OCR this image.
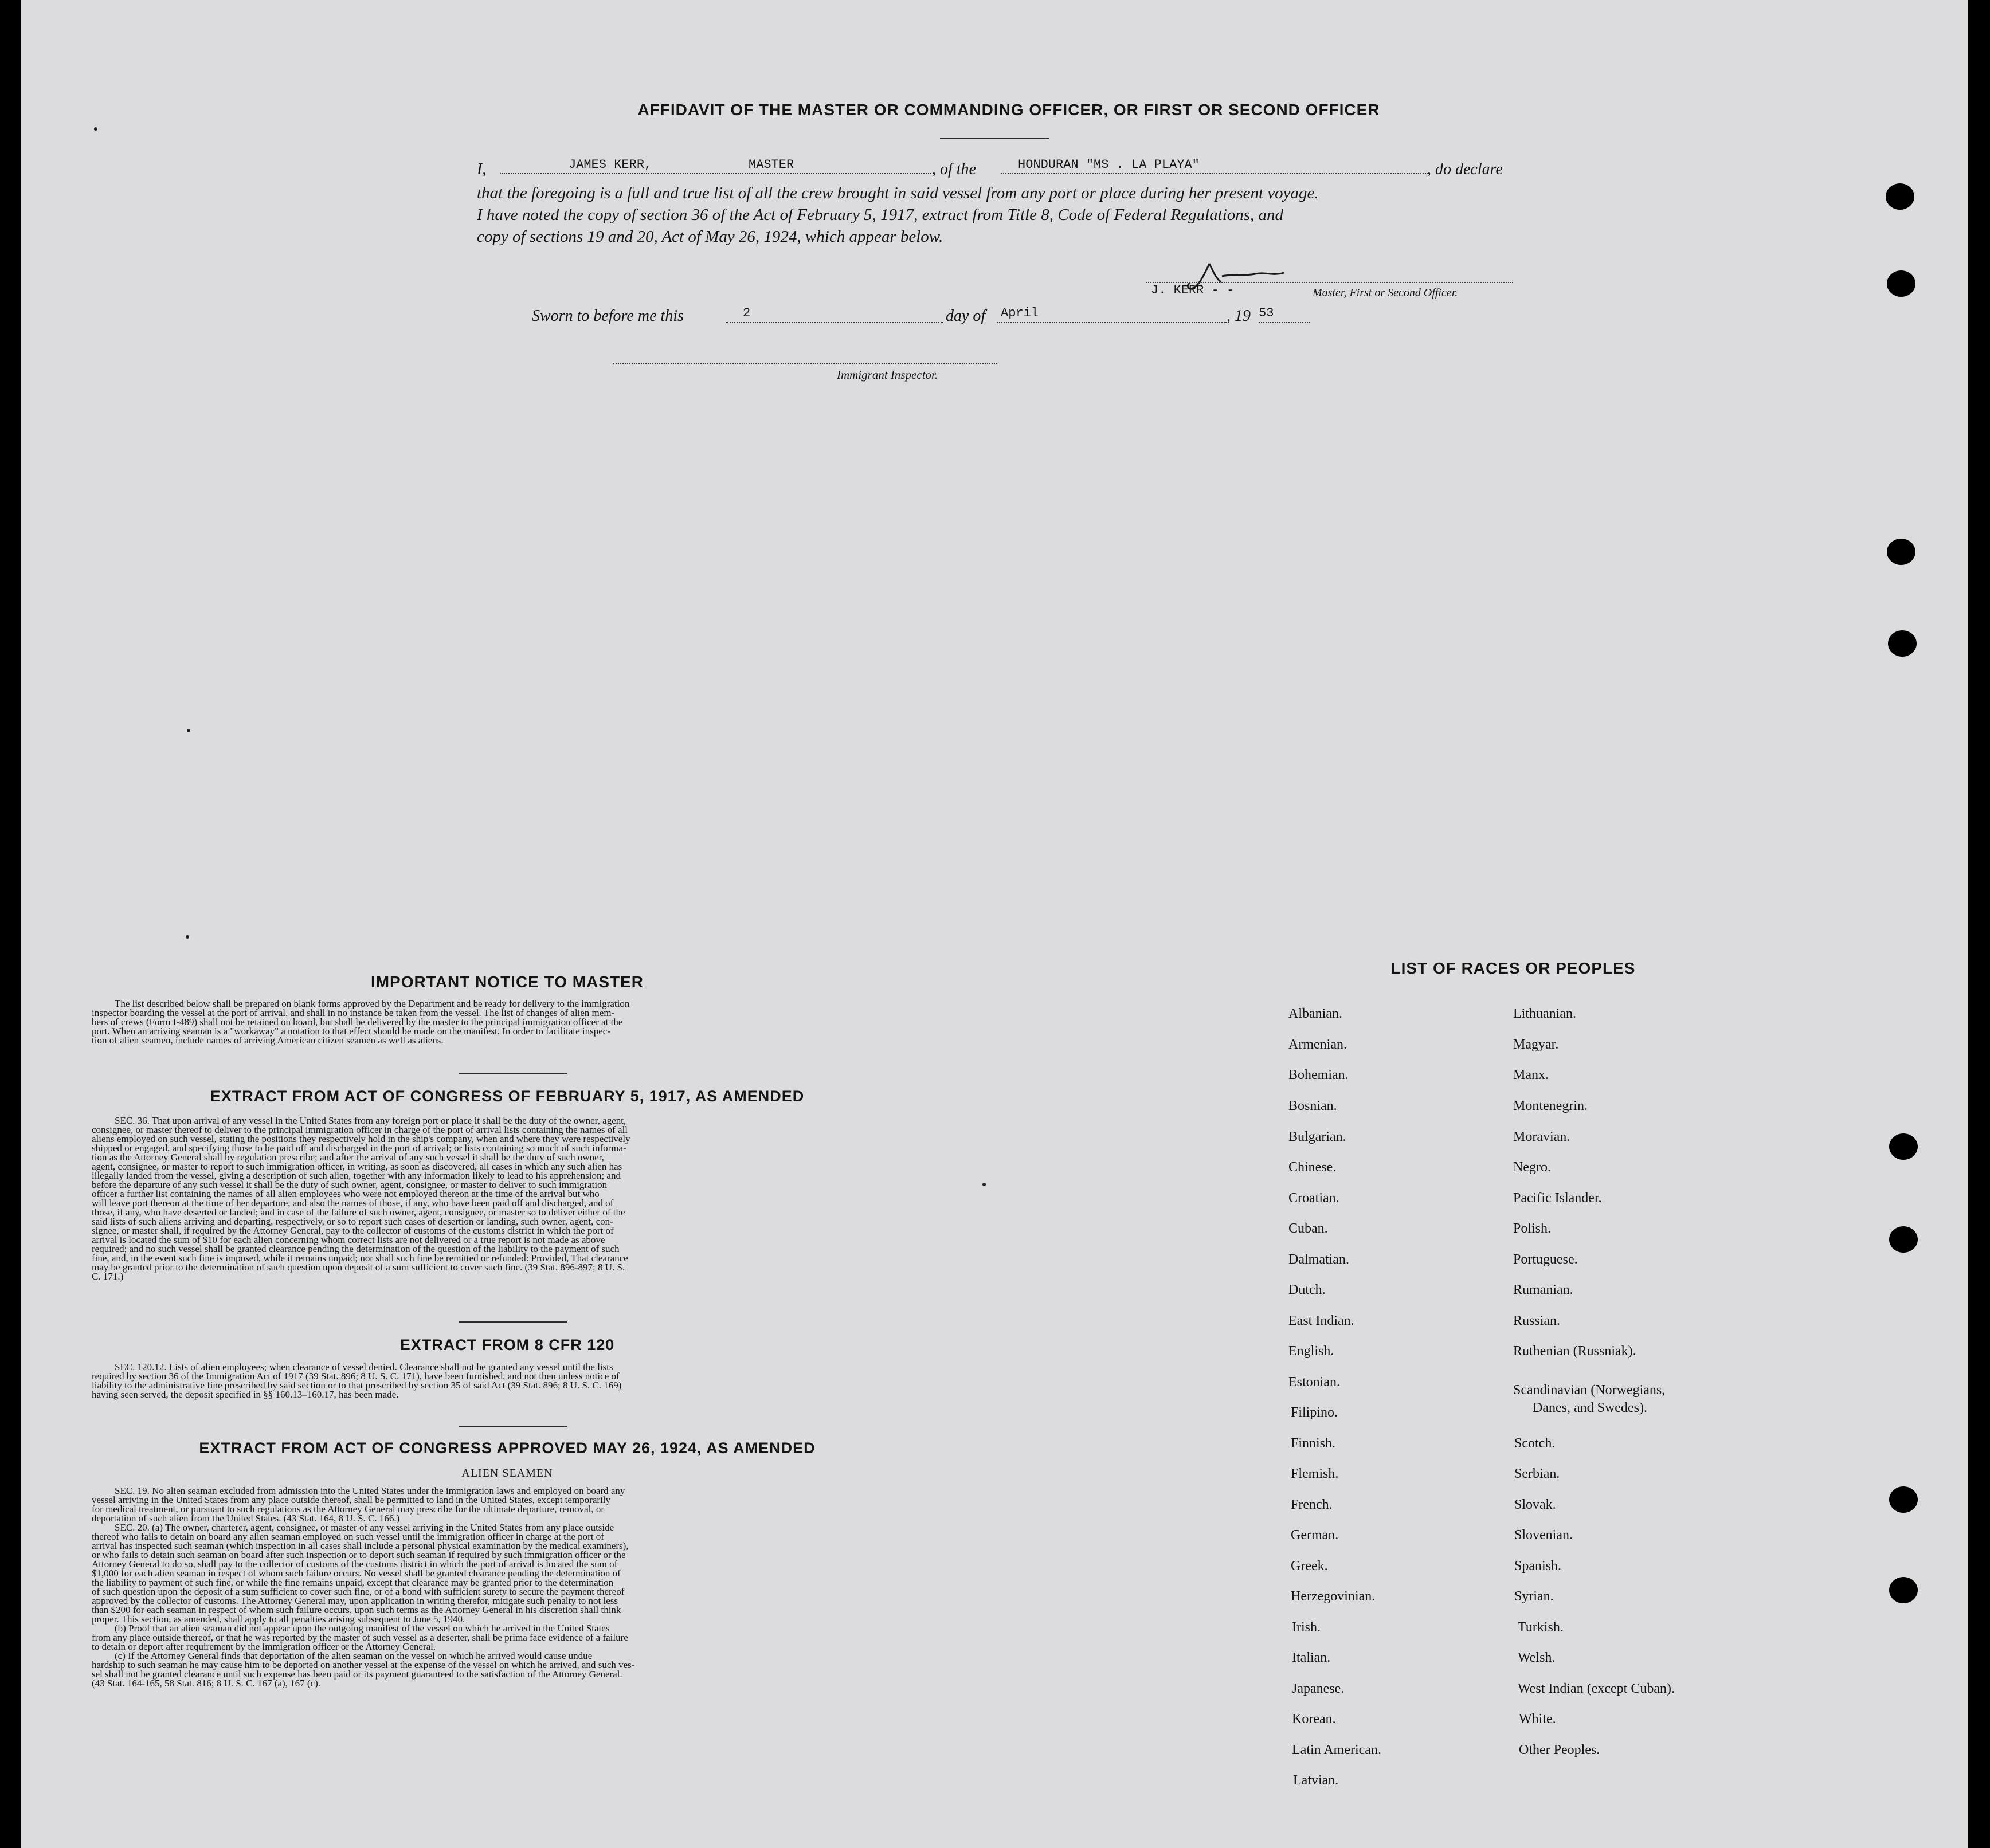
AFFIDAVIT OF THE MASTER OR COMMANDING OFFICER, OR FIRST OR SECOND OFFICER
I,	JAMES KERR,	MASTER	, of the	HONDURAN "MS . LA PLAYA"	, do declare
that the foregoing is a full and true list of all the crew brought in said vessel from any port or place during her present voyage.
I have noted the copy of section 36 of the Act of February 5, 1917, extract from Title 8, Code of Federal Regulations, and
copy of sections 19 and 20, Act of May 26, 1924, which appear below.
J. KERR - -	Master, First or Second Officer.
Sworn to before me this	2	day of April	, 19 53
Immigrant Inspector.
IMPORTANT NOTICE TO MASTER
The list described below shall be prepared on blank forms approved by the Department and be ready for delivery to the immigration
inspector boarding the vessel at the port of arrival, and shall in no instance be taken from the vessel. The list of changes of alien mem-
bers of crews (Form I-489) shall not be retained on board, but shall be delivered by the master to the principal immigration officer at the
port. When an arriving seaman is a "workaway" a notation to that effect should be made on the manifest. In order to facilitate inspec-
tion of alien seamen, include names of arriving American citizen seamen as well as aliens.
EXTRACT FROM ACT OF CONGRESS OF FEBRUARY 5, 1917, AS AMENDED
SEC. 36. That upon arrival of any vessel in the United States from any foreign port or place it shall be the duty of the owner, agent,
consignee, or master thereof to deliver to the principal immigration officer in charge of the port of arrival lists containing the names of all
aliens employed on such vessel, stating the positions they respectively hold in the ship's company, when and where they were respectively
shipped or engaged, and specifying those to be paid off and discharged in the port of arrival; or lists containing so much of such informa-
tion as the Attorney General shall by regulation prescribe; and after the arrival of any such vessel it shall be the duty of such owner,
agent, consignee, or master to report to such immigration officer, in writing, as soon as discovered, all cases in which any such alien has
illegally landed from the vessel, giving a description of such alien, together with any information likely to lead to his apprehension; and
before the departure of any such vessel it shall be the duty of such owner, agent, consignee, or master to deliver to such immigration
officer a further list containing the names of all alien employees who were not employed thereon at the time of the arrival but who
will leave port thereon at the time of her departure, and also the names of those, if any, who have been paid off and discharged, and of
those, if any, who have deserted or landed; and in case of the failure of such owner, agent, consignee, or master so to deliver either of the
said lists of such aliens arriving and departing, respectively, or so to report such cases of desertion or landing, such owner, agent, con-
signee, or master shall, if required by the Attorney General, pay to the collector of customs of the customs district in which the port of
arrival is located the sum of $10 for each alien concerning whom correct lists are not delivered or a true report is not made as above
required; and no such vessel shall be granted clearance pending the determination of the question of the liability to the payment of such
fine, and, in the event such fine is imposed, while it remains unpaid; nor shall such fine be remitted or refunded: Provided, That clearance
may be granted prior to the determination of such question upon deposit of a sum sufficient to cover such fine. (39 Stat. 896-897; 8 U. S.
C. 171.)
EXTRACT FROM 8 CFR 120
SEC. 120.12. Lists of alien employees; when clearance of vessel denied. Clearance shall not be granted any vessel until the lists
required by section 36 of the Immigration Act of 1917 (39 Stat. 896; 8 U. S. C. 171), have been furnished, and not then unless notice of
liability to the administrative fine prescribed by said section or to that prescribed by section 35 of said Act (39 Stat. 896; 8 U. S. C. 169)
having seen served, the deposit specified in §§ 160.13–160.17, has been made.
EXTRACT FROM ACT OF CONGRESS APPROVED MAY 26, 1924, AS AMENDED
ALIEN SEAMEN
SEC. 19. No alien seaman excluded from admission into the United States under the immigration laws and employed on board any
vessel arriving in the United States from any place outside thereof, shall be permitted to land in the United States, except temporarily
for medical treatment, or pursuant to such regulations as the Attorney General may prescribe for the ultimate departure, removal, or
deportation of such alien from the United States. (43 Stat. 164, 8 U. S. C. 166.)
SEC. 20. (a) The owner, charterer, agent, consignee, or master of any vessel arriving in the United States from any place outside
thereof who fails to detain on board any alien seaman employed on such vessel until the immigration officer in charge at the port of
arrival has inspected such seaman (which inspection in all cases shall include a personal physical examination by the medical examiners),
or who fails to detain such seaman on board after such inspection or to deport such seaman if required by such immigration officer or the
Attorney General to do so, shall pay to the collector of customs of the customs district in which the port of arrival is located the sum of
$1,000 for each alien seaman in respect of whom such failure occurs. No vessel shall be granted clearance pending the determination of
the liability to payment of such fine, or while the fine remains unpaid, except that clearance may be granted prior to the determination
of such question upon the deposit of a sum sufficient to cover such fine, or of a bond with sufficient surety to secure the payment thereof
approved by the collector of customs. The Attorney General may, upon application in writing therefor, mitigate such penalty to not less
than $200 for each seaman in respect of whom such failure occurs, upon such terms as the Attorney General in his discretion shall think
proper. This section, as amended, shall apply to all penalties arising subsequent to June 5, 1940.
(b) Proof that an alien seaman did not appear upon the outgoing manifest of the vessel on which he arrived in the United States
from any place outside thereof, or that he was reported by the master of such vessel as a deserter, shall be prima face evidence of a failure
to detain or deport after requirement by the immigration officer or the Attorney General.
(c) If the Attorney General finds that deportation of the alien seaman on the vessel on which he arrived would cause undue
hardship to such seaman he may cause him to be deported on another vessel at the expense of the vessel on which he arrived, and such ves-
sel shall not be granted clearance until such expense has been paid or its payment guaranteed to the satisfaction of the Attorney General.
(43 Stat. 164-165, 58 Stat. 816; 8 U. S. C. 167 (a), 167 (c).
LIST OF RACES OR PEOPLES
Albanian.
Armenian.
Bohemian.
Bosnian.
Bulgarian.
Chinese.
Croatian.
Cuban.
Dalmatian.
Dutch.
East Indian.
English.
Estonian.
Filipino.
Finnish.
Flemish.
French.
German.
Greek.
Herzegovinian.
Irish.
Italian.
Japanese.
Korean.
Latin American.
Latvian.
Lithuanian.
Magyar.
Manx.
Montenegrin.
Moravian.
Negro.
Pacific Islander.
Polish.
Portuguese.
Rumanian.
Russian.
Ruthenian (Russniak).
Scandinavian (Norwegians,
Danes, and Swedes).
Scotch.
Serbian.
Slovak.
Slovenian.
Spanish.
Syrian.
Turkish.
Welsh.
West Indian (except Cuban).
White.
Other Peoples.
